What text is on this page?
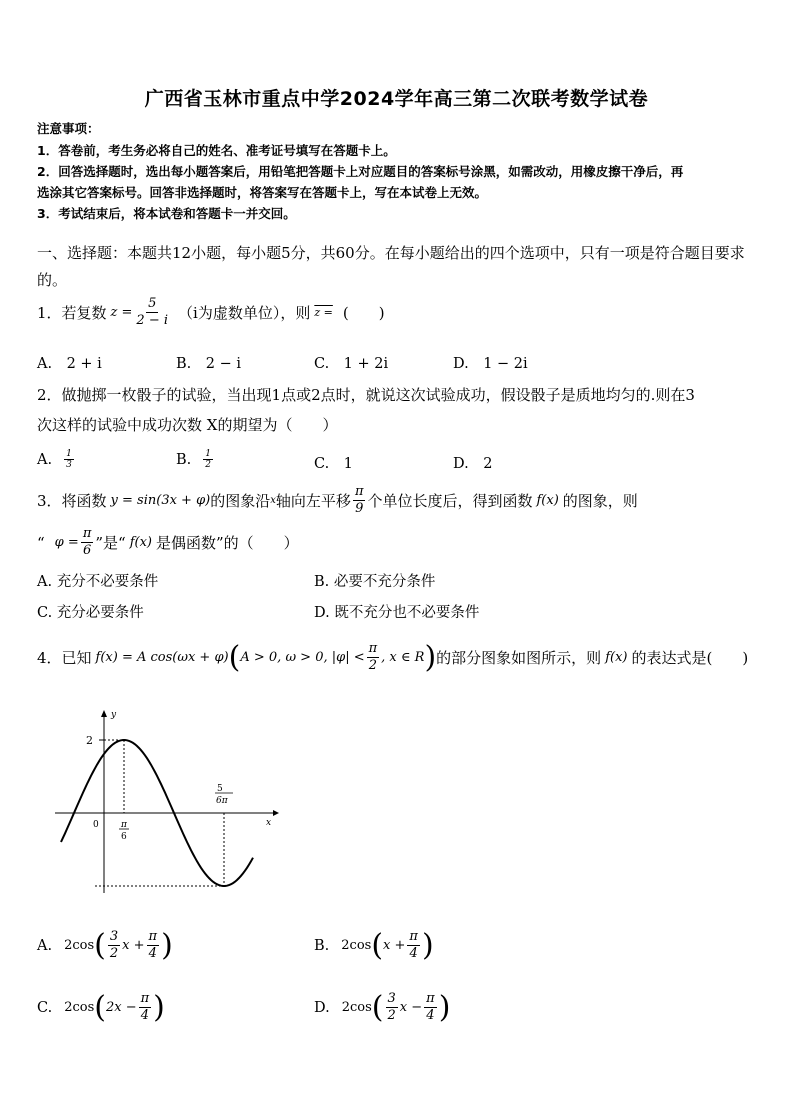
广西省玉林市重点中学2024学年高三第二次联考数学试卷
注意事项：
1．答卷前，考生务必将自己的姓名、准考证号填写在答题卡上。
2．回答选择题时，选出每小题答案后，用铅笔把答题卡上对应题目的答案标号涂黑，如需改动，用橡皮擦干净后，再
选涂其它答案标号。回答非选择题时，将答案写在答题卡上，写在本试卷上无效。
3．考试结束后，将本试卷和答题卡一并交回。
一、选择题：本题共12小题，每小题5分，共60分。在每小题给出的四个选项中，只有一项是符合题目要求的。
1．若复数 $z = \frac{5}{2 - i} (i$为虚数单位），则 z = (　　)
A.　2 + i	B.　2 − i	C.　1 + 2i	D.　1 − 2i
2．做抛掷一枚骰子的试验，当出现1点或2点时，就说这次试验成功，假设骰子是质地均匀的.则在3
次这样的试验中成功次数 X的期望为（　　）
A. $\frac{1}{3}$	B. $\frac{1}{2}$	C.　1	D.　2
3．将函数 y = sin(3x + φ) 的图象沿 x 轴向左平移 $\frac{\pi}{9}$ 个单位长度后，得到函数 f(x) 的图象，则
“ $\varphi = \frac{\pi}{6}$ ”是“ f(x) 是偶函数”的（　　）
A. 充分不必要条件	B. 必要不充分条件
C. 充分必要条件	D. 既不充分也不必要条件
4．已知 f(x) = A cos(ωx + φ) ( A > 0, ω > 0, $|\varphi| < \frac{\pi}{2}$ , x ∈ R ) 的部分图象如图所示，则 f(x) 的表达式是(　　)
y
x
0
2
π
6
5
6π
A. 2cos ( $\frac{3}{2}$ $x + \frac{\pi}{4}$ )	B. 2cos ( $x + \frac{\pi}{4}$ )
C. 2cos ( $2x - \frac{\pi}{4}$ )	D. 2cos ( $\frac{3}{2}$ $x - \frac{\pi}{4}$ )
